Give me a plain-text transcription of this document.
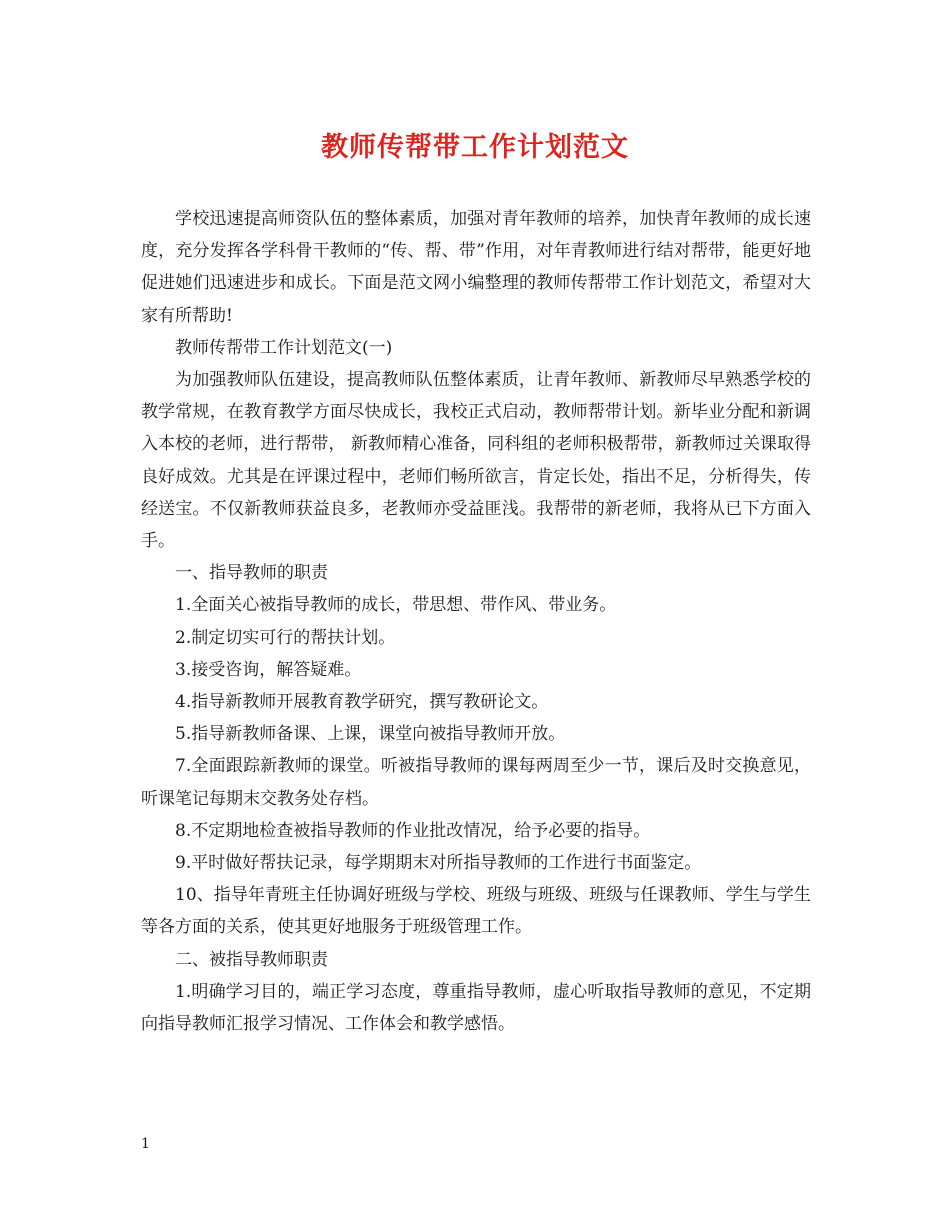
教师传帮带工作计划范文

学校迅速提高师资队伍的整体素质，加强对青年教师的培养，加快青年教师的成长速度，充分发挥各学科骨干教师的“传、帮、带”作用，对年青教师进行结对帮带，能更好地促进她们迅速进步和成长。下面是范文网小编整理的教师传帮带工作计划范文，希望对大家有所帮助!

教师传帮带工作计划范文(一)

为加强教师队伍建设，提高教师队伍整体素质，让青年教师、新教师尽早熟悉学校的教学常规，在教育教学方面尽快成长，我校正式启动，教师帮带计划。新毕业分配和新调入本校的老师，进行帮带， 新教师精心准备，同科组的老师积极帮带，新教师过关课取得良好成效。尤其是在评课过程中，老师们畅所欲言，肯定长处，指出不足，分析得失，传经送宝。不仅新教师获益良多，老教师亦受益匪浅。我帮带的新老师，我将从已下方面入手。

一、指导教师的职责

1.全面关心被指导教师的成长，带思想、带作风、带业务。

2.制定切实可行的帮扶计划。

3.接受咨询，解答疑难。

4.指导新教师开展教育教学研究，撰写教研论文。

5.指导新教师备课、上课，课堂向被指导教师开放。

7.全面跟踪新教师的课堂。听被指导教师的课每两周至少一节，课后及时交换意见，听课笔记每期末交教务处存档。

8.不定期地检查被指导教师的作业批改情况，给予必要的指导。

9.平时做好帮扶记录，每学期期末对所指导教师的工作进行书面鉴定。

10、指导年青班主任协调好班级与学校、班级与班级、班级与任课教师、学生与学生等各方面的关系，使其更好地服务于班级管理工作。

二、被指导教师职责

1.明确学习目的，端正学习态度，尊重指导教师，虚心听取指导教师的意见，不定期向指导教师汇报学习情况、工作体会和教学感悟。

1
